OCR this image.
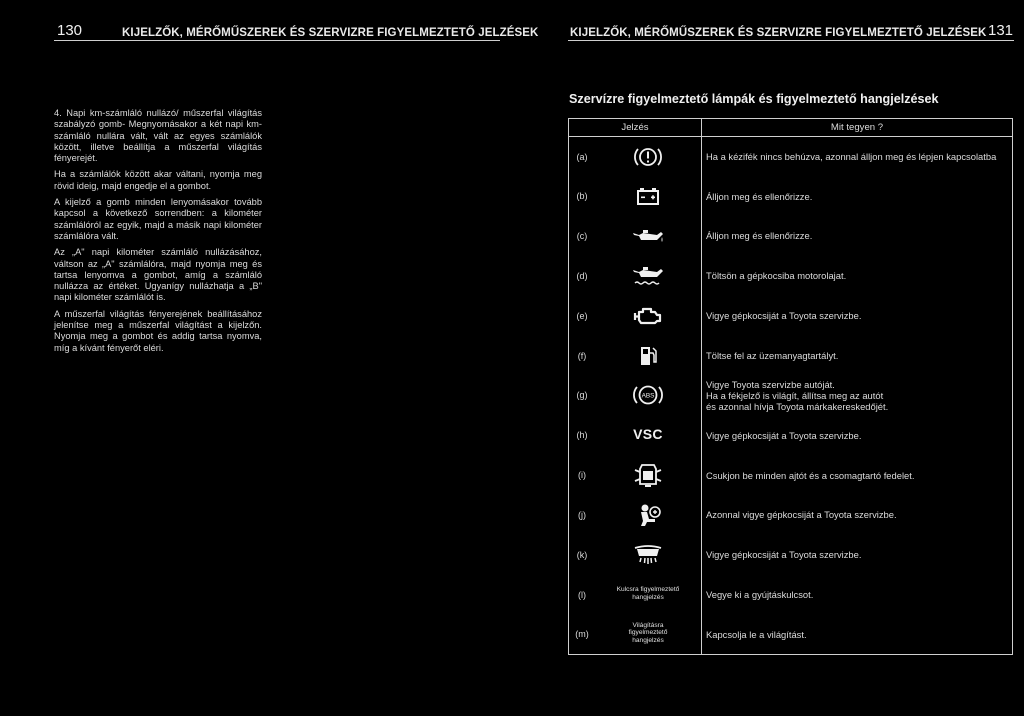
130	KIJELZŐK, MÉRŐMŰSZEREK ÉS SZERVIZRE FIGYELMEZTETŐ JELZÉSEK	KIJELZŐK, MÉRŐMŰSZEREK ÉS SZERVIZRE FIGYELMEZTETŐ JELZÉSEK 131

4. Napi km-számláló nullázó/ műszerfal világítás szabályzó gomb- Megnyomásakor a két napi km-számláló nullára vált, vált az egyes számlálók között, illetve beállítja a műszerfal világítás fényerejét.

Ha a számlálók között akar váltani, nyomja meg rövid ideig, majd engedje el a gombot.

A kijelző a gomb minden lenyomásakor tovább kapcsol a következő sorrendben: a kilométer számlálóról az egyik, majd a másik napi kilométer számlálóra vált.

Az „A" napi kilométer számláló nullázásához, váltson az „A" számlálóra, majd nyomja meg és tartsa lenyomva a gombot, amíg a számláló nullázza az értéket. Ugyanígy nullázhatja a „B" napi kilométer számlálót is.

A műszerfal világítás fényerejének beállításához jelenítse meg a műszerfal világítást a kijelzőn. Nyomja meg a gombot és addig tartsa nyomva, míg a kívánt fényerőt eléri.

Szervízre figyelmeztető lámpák és figyelmeztető hangjelzések
Jelzés		Mit tegyen ?
(a)		Ha a kézifék nincs behúzva, azonnal álljon meg és lépjen kapcsolatba
(b)		Álljon meg és ellenőrizze.
(c)		Álljon meg és ellenőrizze.
(d)		Töltsön a gépkocsiba motorolajat.
(e)		Vigye gépkocsiját a Toyota szervizbe.
(f)		Töltse fel az üzemanyagtartályt.
(g)	ABS	Vigye Toyota szervizbe autóját.
Ha a fékjelző is világít, állítsa meg az autót
és azonnal hívja Toyota márkakereskedőjét.

(h)	VSC	Vigye gépkocsiját a Toyota szervizbe.
(i)		Csukjon be minden ajtót és a csomagtartó fedelet.
(j)		Azonnal vigye gépkocsiját a Toyota szervizbe.
(k)		Vigye gépkocsiját a Toyota szervizbe.
(l)	Kulcsra figyelmeztető
hangjelzés	Vegye ki a gyújtáskulcsot.
(m)	Világításra
figyelmeztető
hangjelzés	Kapcsolja le a világítást.
